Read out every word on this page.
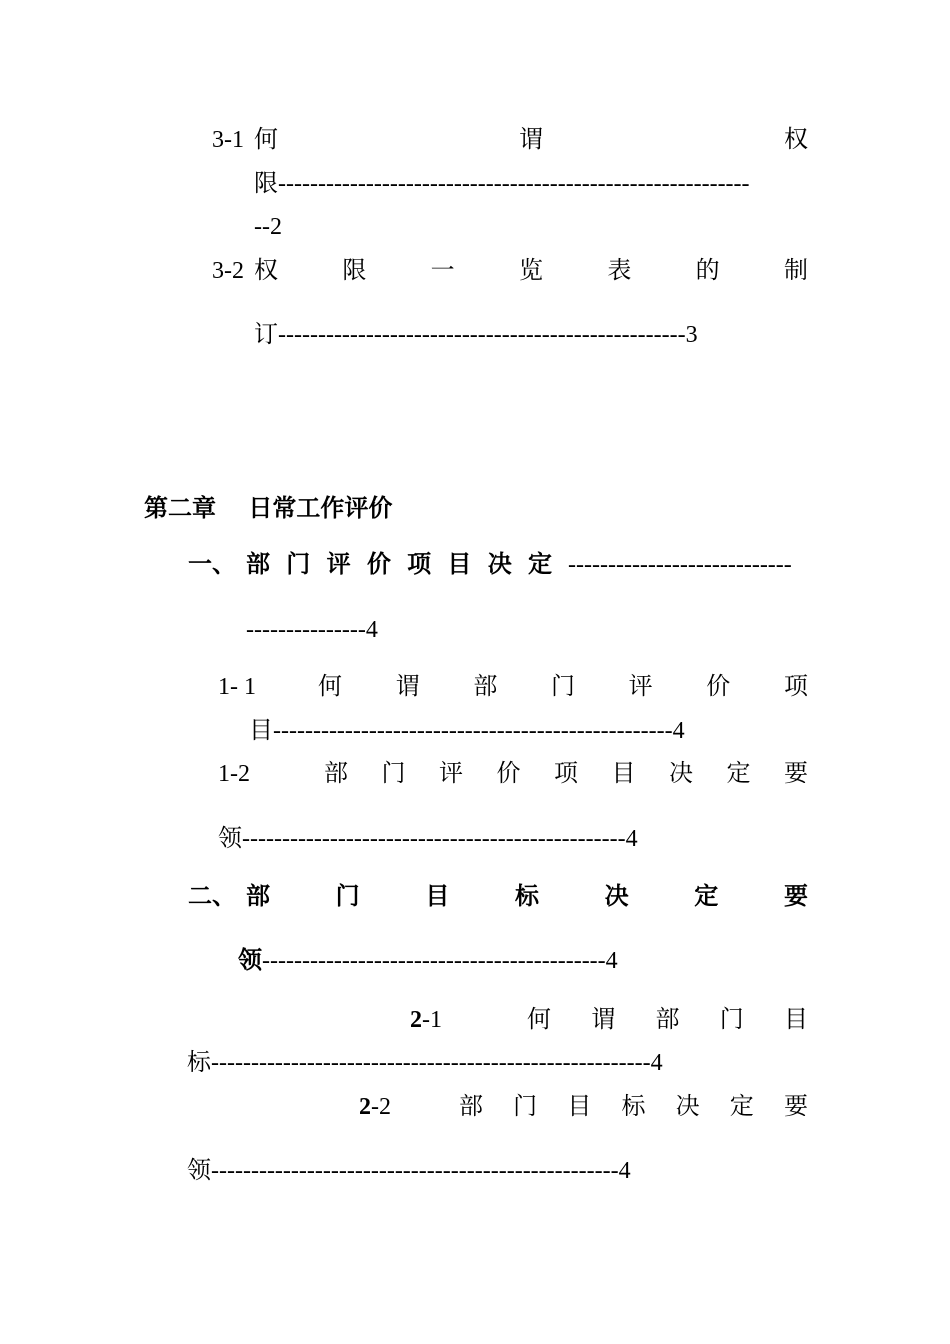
3-1 何	谓	权
限-----------------------------------------------------------
--2
3-2 权	限	一	览	表	的	制
订---------------------------------------------------3
第二章　 日常工作评价
一、 部 门 评 价 项 目 决 定 ----------------------------
---------------4
1- 1	何 谓 部 门 评 价 项
目--------------------------------------------------4
1-2	部 门 评 价 项 目 决 定 要
领------------------------------------------------4
二、 部	门	目	标	决	定	要
领-------------------------------------------4
2-1	何 谓 部 门 目
标-------------------------------------------------------4
2-2	部 门 目 标 决 定 要
领---------------------------------------------------4
